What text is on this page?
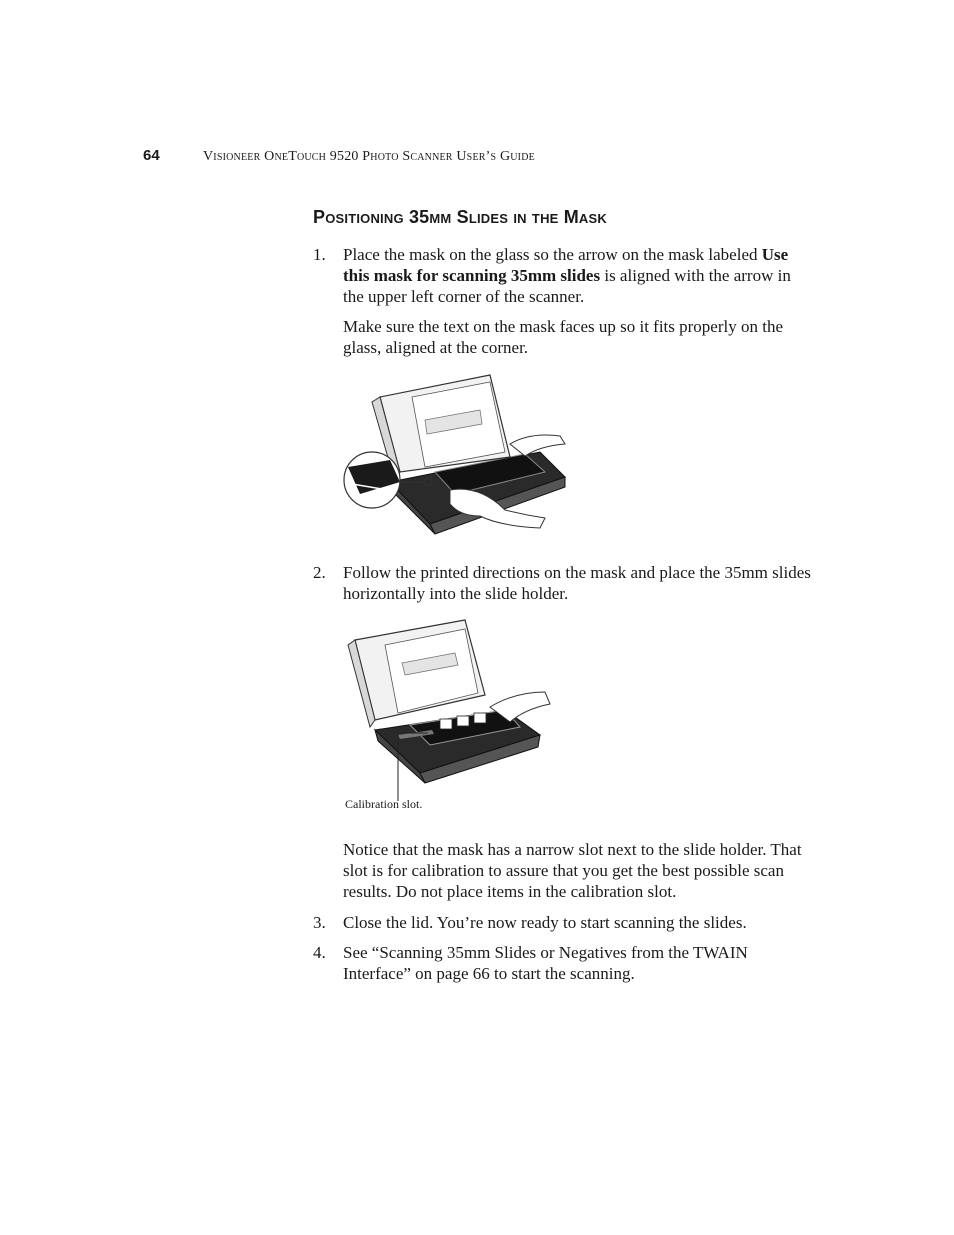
64	Visioneer OneTouch 9520 Photo Scanner User’s Guide
Positioning 35mm Slides in the Mask
1. Place the mask on the glass so the arrow on the mask labeled Use this mask for scanning 35mm slides is aligned with the arrow in the upper left corner of the scanner.
Make sure the text on the mask faces up so it fits properly on the glass, aligned at the corner.
2. Follow the printed directions on the mask and place the 35mm slides horizontally into the slide holder.
Calibration slot.
Notice that the mask has a narrow slot next to the slide holder. That slot is for calibration to assure that you get the best possible scan results. Do not place items in the calibration slot.
3. Close the lid. You’re now ready to start scanning the slides.
4. See “Scanning 35mm Slides or Negatives from the TWAIN Interface” on page 66 to start the scanning.
